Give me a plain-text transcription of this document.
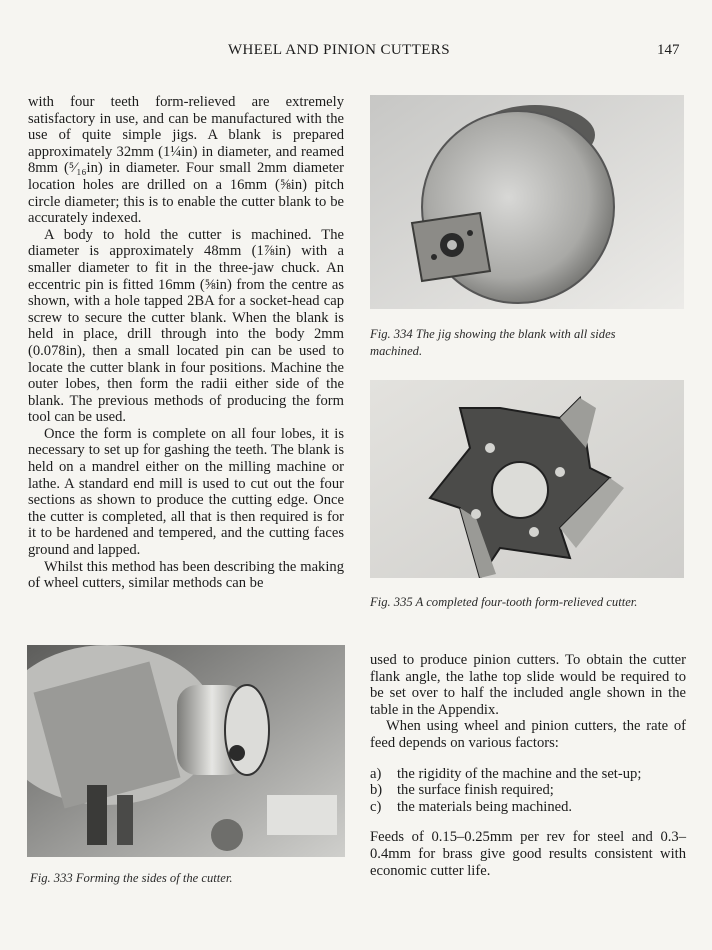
WHEEL AND PINION CUTTERS	147

with four teeth form-relieved are extremely satisfactory in use, and can be manufactured with the use of quite simple jigs. A blank is prepared approximately 32mm (1¼in) in diameter, and reamed 8mm (⁵⁄₁₆in) in diameter. Four small 2mm diameter location holes are drilled on a 16mm (⅝in) pitch circle diameter; this is to enable the cutter blank to be accurately indexed.

A body to hold the cutter is machined. The diameter is approximately 48mm (1⅞in) with a smaller diameter to fit in the three-jaw chuck. An eccentric pin is fitted 16mm (⅝in) from the centre as shown, with a hole tapped 2BA for a socket-head cap screw to secure the cutter blank. When the blank is held in place, drill through into the body 2mm (0.078in), then a small located pin can be used to locate the cutter blank in four positions. Machine the outer lobes, then form the radii either side of the blank. The previous methods of producing the form tool can be used.

Once the form is complete on all four lobes, it is necessary to set up for gashing the teeth. The blank is held on a mandrel either on the milling machine or lathe. A standard end mill is used to cut out the four sections as shown to produce the cutting edge. Once the cutter is completed, all that is then required is for it to be hardened and tempered, and the cutting faces ground and lapped.

Whilst this method has been describing the making of wheel cutters, similar methods can be

Fig. 334 The jig showing the blank with all sides machined.
Fig. 335 A completed four-tooth form-relieved cutter.
Fig. 333 Forming the sides of the cutter.

used to produce pinion cutters. To obtain the cutter flank angle, the lathe top slide would be required to be set over to half the included angle shown in the table in the Appendix.

When using wheel and pinion cutters, the rate of feed depends on various factors:

a)	the rigidity of the machine and the set-up;
b)	the surface finish required;
c)	the materials being machined.

Feeds of 0.15–0.25mm per rev for steel and 0.3–0.4mm for brass give good results consistent with economic cutter life.
